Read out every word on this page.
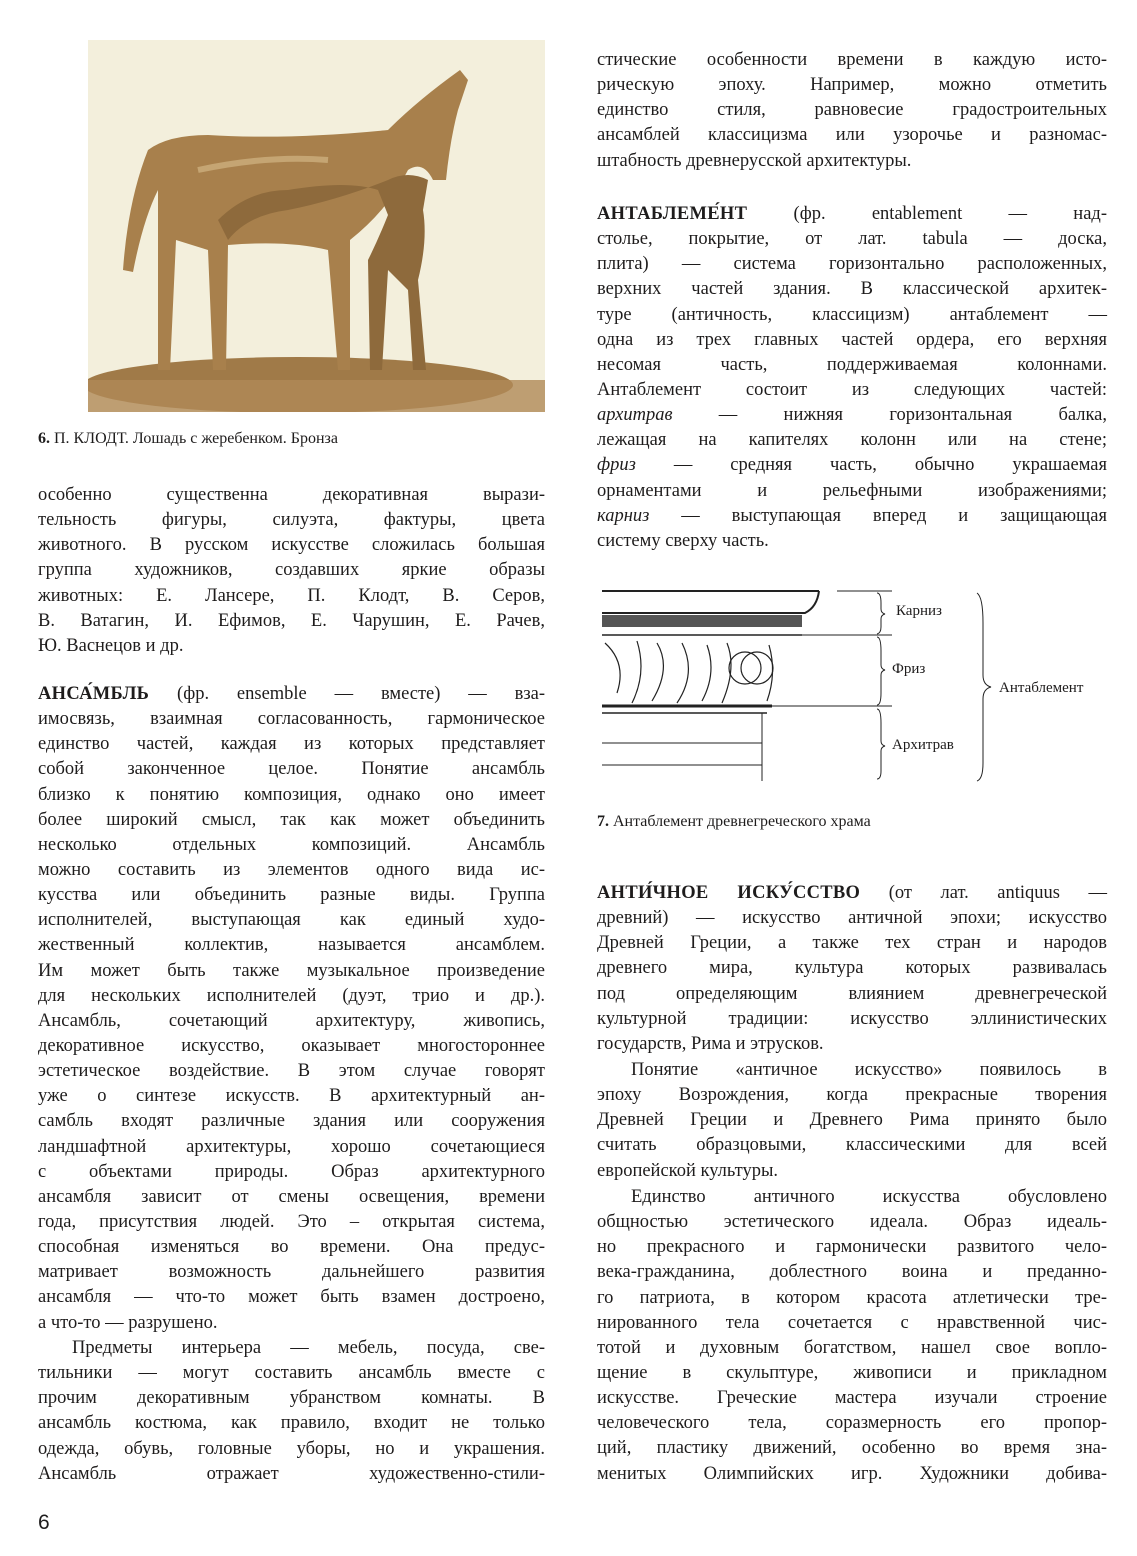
6. П. КЛОДТ. Лошадь с жеребенком. Бронза
особенно существенна декоративная вырази-
тельность фигуры, силуэта, фактуры, цвета
животного. В русском искусстве сложилась большая
группа художников, создавших яркие образы
животных: Е. Лансере, П. Клодт, В. Серов,
В. Ватагин, И. Ефимов, Е. Чарушин, Е. Рачев,
Ю. Васнецов и др.
АНСА́МБЛЬ (фр. ensemble — вместе) — вза-
имосвязь, взаимная согласованность, гармоническое
единство частей, каждая из которых представляет
собой законченное целое. Понятие ансамбль
близко к понятию композиция, однако оно имеет
более широкий смысл, так как может объединить
несколько отдельных композиций. Ансамбль
можно составить из элементов одного вида ис-
кусства или объединить разные виды. Группа
исполнителей, выступающая как единый худо-
жественный коллектив, называется ансамблем.
Им может быть также музыкальное произведение
для нескольких исполнителей (дуэт, трио и др.).
Ансамбль, сочетающий архитектуру, живопись,
декоративное искусство, оказывает многостороннее
эстетическое воздействие. В этом случае говорят
уже о синтезе искусств. В архитектурный ан-
самбль входят различные здания или сооружения
ландшафтной архитектуры, хорошо сочетающиеся
с объектами природы. Образ архитектурного
ансамбля зависит от смены освещения, времени
года, присутствия людей. Это – открытая система,
способная изменяться во времени. Она предус-
матривает возможность дальнейшего развития
ансамбля — что-то может быть взамен достроено,
а что-то — разрушено.
Предметы интерьера — мебель, посуда, све-
тильники — могут составить ансамбль вместе с
прочим декоративным убранством комнаты. В
ансамбль костюма, как правило, входит не только
одежда, обувь, головные уборы, но и украшения.
Ансамбль отражает художественно-стили-
стические особенности времени в каждую исто-
рическую эпоху. Например, можно отметить
единство стиля, равновесие градостроительных
ансамблей классицизма или узорочье и разномас-
штабность древнерусской архитектуры.
АНТАБЛЕМЕ́НТ	(фр. entablement — над-
столье, покрытие, от лат. tabula — доска,
плита) — система горизонтально расположенных,
верхних частей здания. В классической архитек-
туре (античность, классицизм) антаблемент —
одна из трех главных частей ордера, его верхняя
несомая часть, поддерживаемая колоннами.
Антаблемент состоит из следующих частей:
архитрав	— нижняя горизонтальная балка,
лежащая на капителях колонн или на стене;
фриз — средняя часть, обычно украшаемая
орнаментами и рельефными изображениями;
карниз — выступающая вперед и защищающая
систему сверху часть.
Карниз
Фриз
Архитрав
Антаблемент
7. Антаблемент древнегреческого храма
АНТИ́ЧНОЕ ИСКУ́ССТВО (от лат. antiquus —
древний) — искусство античной эпохи; искусство
Древней Греции, а также тех стран и народов
древнего мира, культура которых развивалась
под определяющим влиянием древнегреческой
культурной традиции: искусство эллинистических
государств, Рима и этрусков.
Понятие «античное искусство» появилось в
эпоху Возрождения, когда прекрасные творения
Древней Греции и Древнего Рима принято было
считать образцовыми, классическими для всей
европейской культуры.
Единство античного искусства обусловлено
общностью эстетического идеала. Образ идеаль-
но прекрасного и гармонически развитого чело-
века-гражданина, доблестного воина и преданно-
го патриота, в котором красота атлетически тре-
нированного тела сочетается с нравственной чис-
тотой и духовным богатством, нашел свое вопло-
щение в скульптуре, живописи и прикладном
искусстве. Греческие мастера изучали строение
человеческого тела, соразмерность его пропор-
ций, пластику движений, особенно во время зна-
менитых Олимпийских игр. Художники добива-
6
